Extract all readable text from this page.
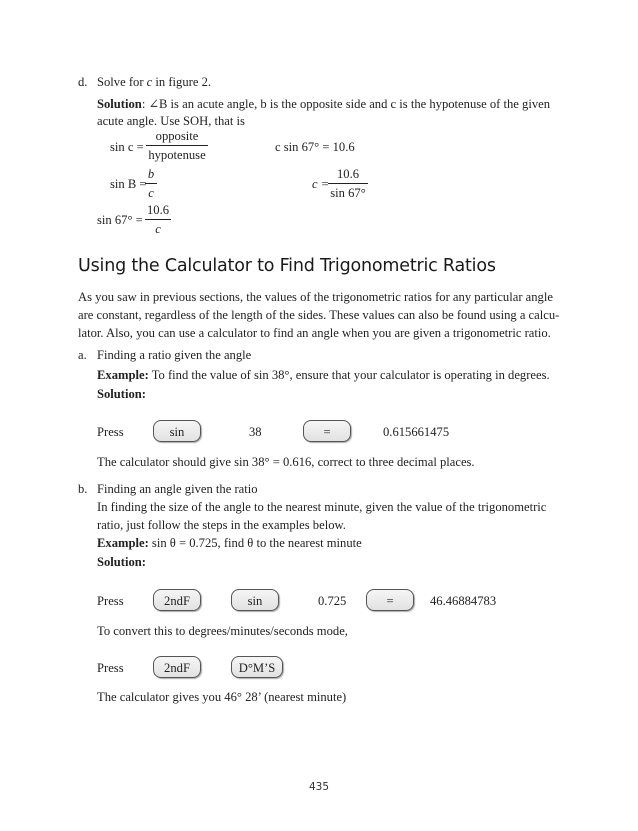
d. Solve for c in figure 2.
Solution: ∠B is an acute angle, b is the opposite side and c is the hypotenuse of the given
acute angle. Use SOH, that is
sin c =
opposite
hypotenuse
sin B =
$\frac{b}{c}$
$\sin 67^\circ = \frac{10.6}{c}$
c sin 67° = 10.6
c =
$\frac{10.6}{\sin 67^\circ}$
Using the Calculator to Find Trigonometric Ratios
As you saw in previous sections, the values of the trigonometric ratios for any particular angle
are constant, regardless of the length of the sides. These values can also be found using a calcu-
lator. Also, you can use a calculator to find an angle when you are given a trigonometric ratio.
a. Finding a ratio given the angle
Example: To find the value of sin 38°, ensure that your calculator is operating in degrees.
Solution:
Press	sin	38	=	0.615661475
The calculator should give sin 38° = 0.616, correct to three decimal places.
b. Finding an angle given the ratio
In finding the size of the angle to the nearest minute, given the value of the trigonometric
ratio, just follow the steps in the examples below.
Example: sin θ = 0.725, find θ to the nearest minute
Solution:
Press	2ndF	sin	0.725	=	46.46884783
To convert this to degrees/minutes/seconds mode,
Press	2ndF	D°M’S
The calculator gives you 46° 28’ (nearest minute)
435
